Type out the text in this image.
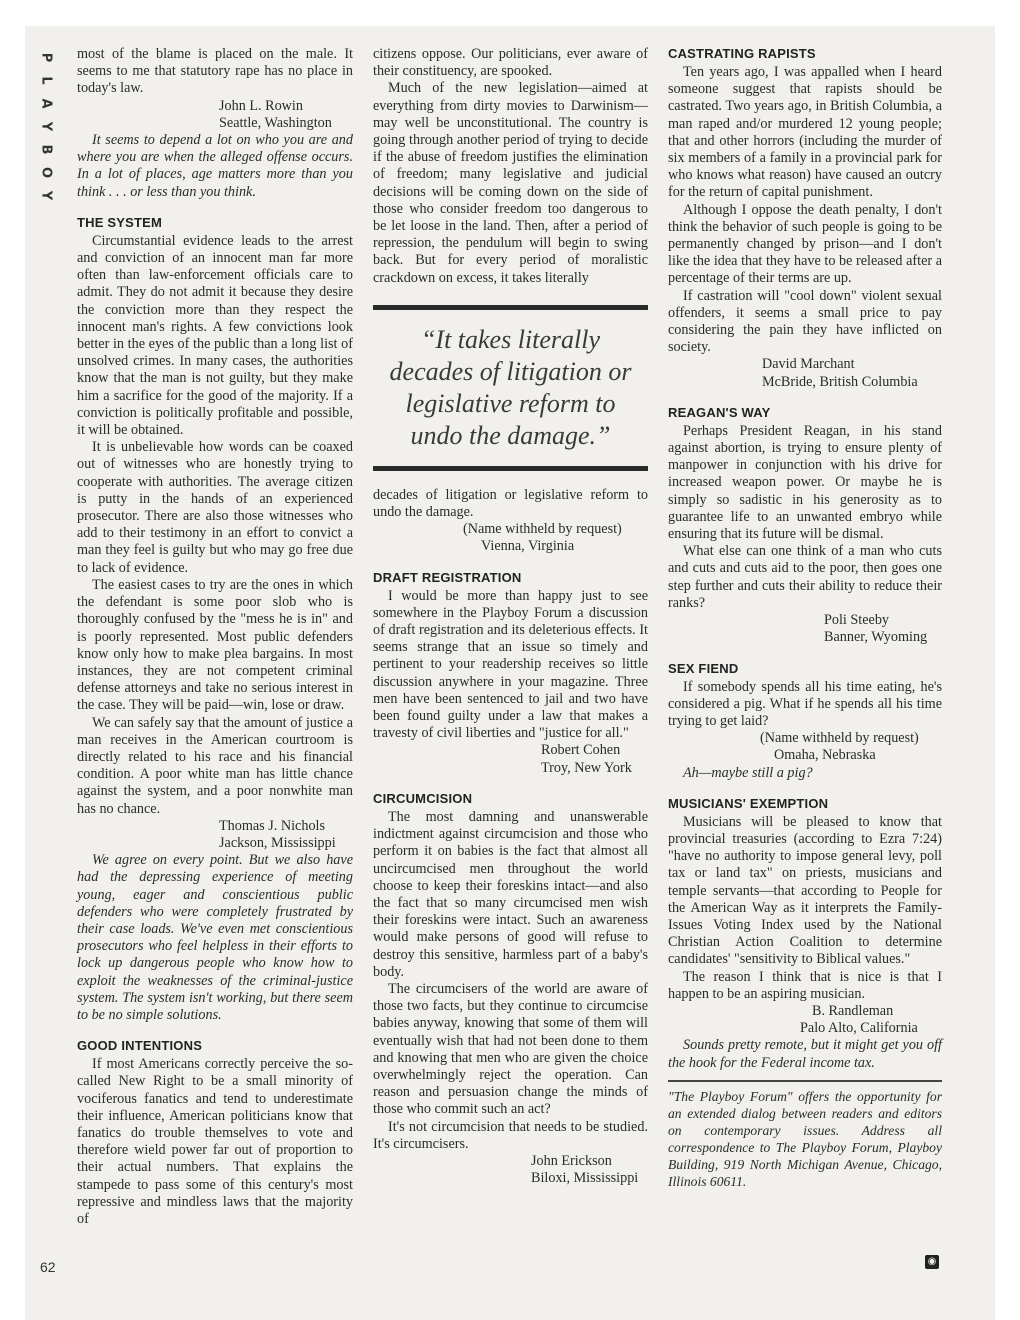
P
L
A
Y
B
O
Y
62

most of the blame is placed on the male. It seems to me that statutory rape has no place in today's law.

John L. Rowin
Seattle, Washington

It seems to depend a lot on who you are and where you are when the alleged offense occurs. In a lot of places, age matters more than you think . . . or less than you think.

THE SYSTEM

Circumstantial evidence leads to the arrest and conviction of an innocent man far more often than law-enforcement officials care to admit. They do not admit it because they desire the conviction more than they respect the innocent man's rights. A few convictions look better in the eyes of the public than a long list of unsolved crimes. In many cases, the authorities know that the man is not guilty, but they make him a sacrifice for the good of the majority. If a conviction is politically profitable and possible, it will be obtained.

It is unbelievable how words can be coaxed out of witnesses who are honestly trying to cooperate with authorities. The average citizen is putty in the hands of an experienced prosecutor. There are also those witnesses who add to their testimony in an effort to convict a man they feel is guilty but who may go free due to lack of evidence.

The easiest cases to try are the ones in which the defendant is some poor slob who is thoroughly confused by the "mess he is in" and is poorly represented. Most public defenders know only how to make plea bargains. In most instances, they are not competent criminal defense attorneys and take no serious interest in the case. They will be paid—win, lose or draw.

We can safely say that the amount of justice a man receives in the American courtroom is directly related to his race and his financial condition. A poor white man has little chance against the system, and a poor nonwhite man has no chance.

Thomas J. Nichols
Jackson, Mississippi

We agree on every point. But we also have had the depressing experience of meeting young, eager and conscientious public defenders who were completely frustrated by their case loads. We've even met conscientious prosecutors who feel helpless in their efforts to lock up dangerous people who know how to exploit the weaknesses of the criminal-justice system. The system isn't working, but there seem to be no simple solutions.

GOOD INTENTIONS

If most Americans correctly perceive the so-called New Right to be a small minority of vociferous fanatics and tend to underestimate their influence, American politicians know that fanatics do trouble themselves to vote and therefore wield power far out of proportion to their actual numbers. That explains the stampede to pass some of this century's most repressive and mindless laws that the majority of

citizens oppose. Our politicians, ever aware of their constituency, are spooked.

Much of the new legislation—aimed at everything from dirty movies to Darwinism—may well be unconstitutional. The country is going through another period of trying to decide if the abuse of freedom justifies the elimination of freedom; many legislative and judicial decisions will be coming down on the side of those who consider freedom too dangerous to be let loose in the land. Then, after a period of repression, the pendulum will begin to swing back. But for every period of moralistic crackdown on excess, it takes literally

“It takes literally decades of litigation or legislative reform to undo the damage.”

decades of litigation or legislative reform to undo the damage.

(Name withheld by request)
Vienna, Virginia
DRAFT REGISTRATION

I would be more than happy just to see somewhere in the Playboy Forum a discussion of draft registration and its deleterious effects. It seems strange that an issue so timely and pertinent to your readership receives so little discussion anywhere in your magazine. Three men have been sentenced to jail and two have been found guilty under a law that makes a travesty of civil liberties and "justice for all."

Robert Cohen
Troy, New York
CIRCUMCISION

The most damning and unanswerable indictment against circumcision and those who perform it on babies is the fact that almost all uncircumcised men throughout the world choose to keep their foreskins intact—and also the fact that so many circumcised men wish their foreskins were intact. Such an awareness would make persons of good will refuse to destroy this sensitive, harmless part of a baby's body.

The circumcisers of the world are aware of those two facts, but they continue to circumcise babies anyway, knowing that some of them will eventually wish that had not been done to them and knowing that men who are given the choice overwhelmingly reject the operation. Can reason and persuasion change the minds of those who commit such an act?

It's not circumcision that needs to be studied. It's circumcisers.

John Erickson
Biloxi, Mississippi
CASTRATING RAPISTS

Ten years ago, I was appalled when I heard someone suggest that rapists should be castrated. Two years ago, in British Columbia, a man raped and/or murdered 12 young people; that and other horrors (including the murder of six members of a family in a provincial park for who knows what reason) have caused an outcry for the return of capital punishment.

Although I oppose the death penalty, I don't think the behavior of such people is going to be permanently changed by prison—and I don't like the idea that they have to be released after a percentage of their terms are up.

If castration will "cool down" violent sexual offenders, it seems a small price to pay considering the pain they have inflicted on society.

David Marchant
McBride, British Columbia
REAGAN'S WAY

Perhaps President Reagan, in his stand against abortion, is trying to ensure plenty of manpower in conjunction with his drive for increased weapon power. Or maybe he is simply so sadistic in his generosity as to guarantee life to an unwanted embryo while ensuring that its future will be dismal.

What else can one think of a man who cuts and cuts and cuts aid to the poor, then goes one step further and cuts their ability to reduce their ranks?

Poli Steeby
Banner, Wyoming
SEX FIEND

If somebody spends all his time eating, he's considered a pig. What if he spends all his time trying to get laid?

(Name withheld by request)
Omaha, Nebraska

Ah—maybe still a pig?

MUSICIANS' EXEMPTION

Musicians will be pleased to know that provincial treasuries (according to Ezra 7:24) "have no authority to impose general levy, poll tax or land tax" on priests, musicians and temple servants—that according to People for the American Way as it interprets the Family-Issues Voting Index used by the National Christian Action Coalition to determine candidates' "sensitivity to Biblical values."

The reason I think that is nice is that I happen to be an aspiring musician.

B. Randleman
Palo Alto, California

Sounds pretty remote, but it might get you off the hook for the Federal income tax.

"The Playboy Forum" offers the opportunity for an extended dialog between readers and editors on contemporary issues. Address all correspondence to The Playboy Forum, Playboy Building, 919 North Michigan Avenue, Chicago, Illinois 60611.
◉
